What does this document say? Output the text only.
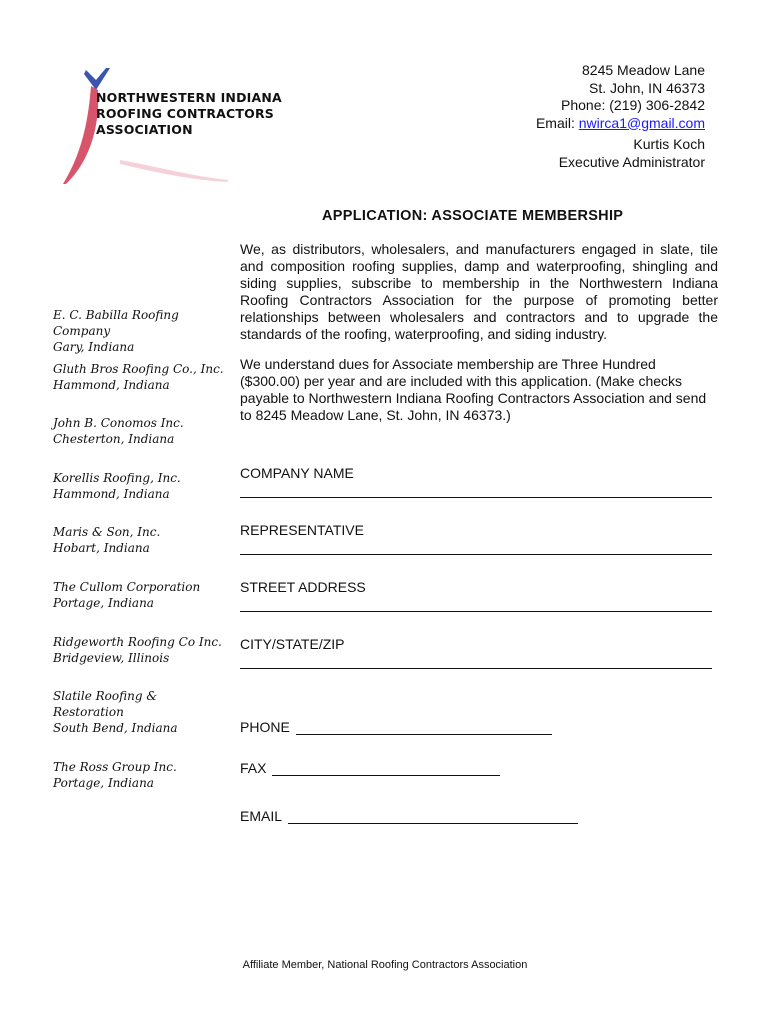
NORTHWESTERN INDIANA
ROOFING CONTRACTORS
ASSOCIATION
8245 Meadow Lane
St. John, IN 46373
Phone: (219) 306-2842
Email: nwirca1@gmail.com
Kurtis Koch
Executive Administrator
APPLICATION: ASSOCIATE MEMBERSHIP
We, as distributors, wholesalers, and manufacturers engaged in slate, tile and composition roofing supplies, damp and waterproofing, shingling and siding supplies, subscribe to membership in the Northwestern Indiana Roofing Contractors Association for the purpose of promoting better relationships between wholesalers and contractors and to upgrade the standards of the roofing, waterproofing, and siding industry.
We understand dues for Associate membership are Three Hundred ($300.00) per year and are included with this application. (Make checks payable to Northwestern Indiana Roofing Contractors Association and send to 8245 Meadow Lane, St. John, IN 46373.)
E. C. Babilla Roofing Company
Gary, Indiana
Gluth Bros Roofing Co., Inc.
Hammond, Indiana
John B. Conomos Inc.
Chesterton, Indiana
Korellis Roofing, Inc.
Hammond, Indiana
Maris & Son, Inc.
Hobart, Indiana
The Cullom Corporation
Portage, Indiana
Ridgeworth Roofing Co Inc.
Bridgeview, Illinois
Slatile Roofing &
Restoration
South Bend, Indiana
The Ross Group Inc.
Portage, Indiana
COMPANY NAME
REPRESENTATIVE
STREET ADDRESS
CITY/STATE/ZIP
PHONE
FAX
EMAIL
Affiliate Member, National Roofing Contractors Association
